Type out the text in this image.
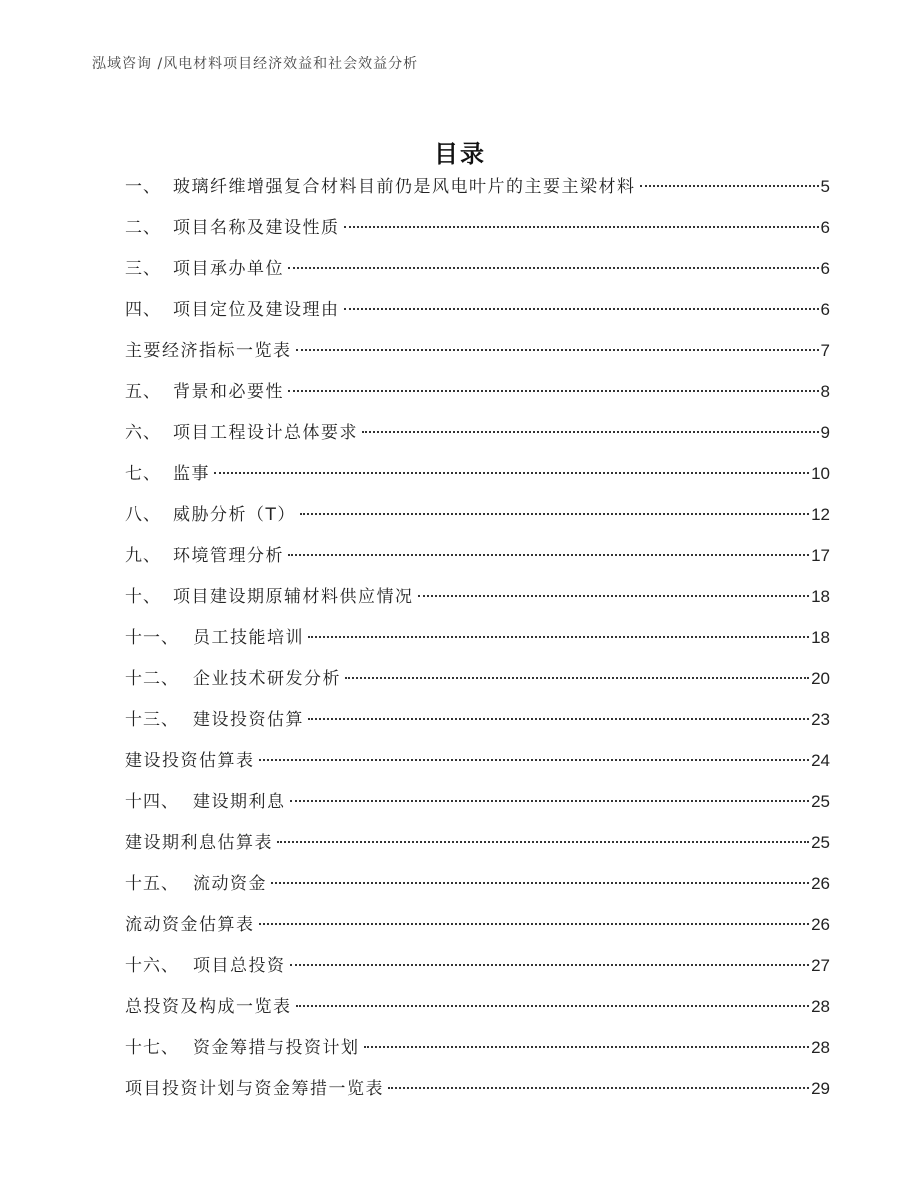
泓域咨询 /风电材料项目经济效益和社会效益分析
目录
一、 玻璃纤维增强复合材料目前仍是风电叶片的主要主梁材料	5
二、 项目名称及建设性质	6
三、 项目承办单位	6
四、 项目定位及建设理由	6
主要经济指标一览表	7
五、 背景和必要性	8
六、 项目工程设计总体要求	9
七、 监事	10
八、 威胁分析（T）	12
九、 环境管理分析	17
十、 项目建设期原辅材料供应情况	18
十一、 员工技能培训	18
十二、 企业技术研发分析	20
十三、 建设投资估算	23
建设投资估算表	24
十四、 建设期利息	25
建设期利息估算表	25
十五、 流动资金	26
流动资金估算表	26
十六、 项目总投资	27
总投资及构成一览表	28
十七、 资金筹措与投资计划	28
项目投资计划与资金筹措一览表	29
